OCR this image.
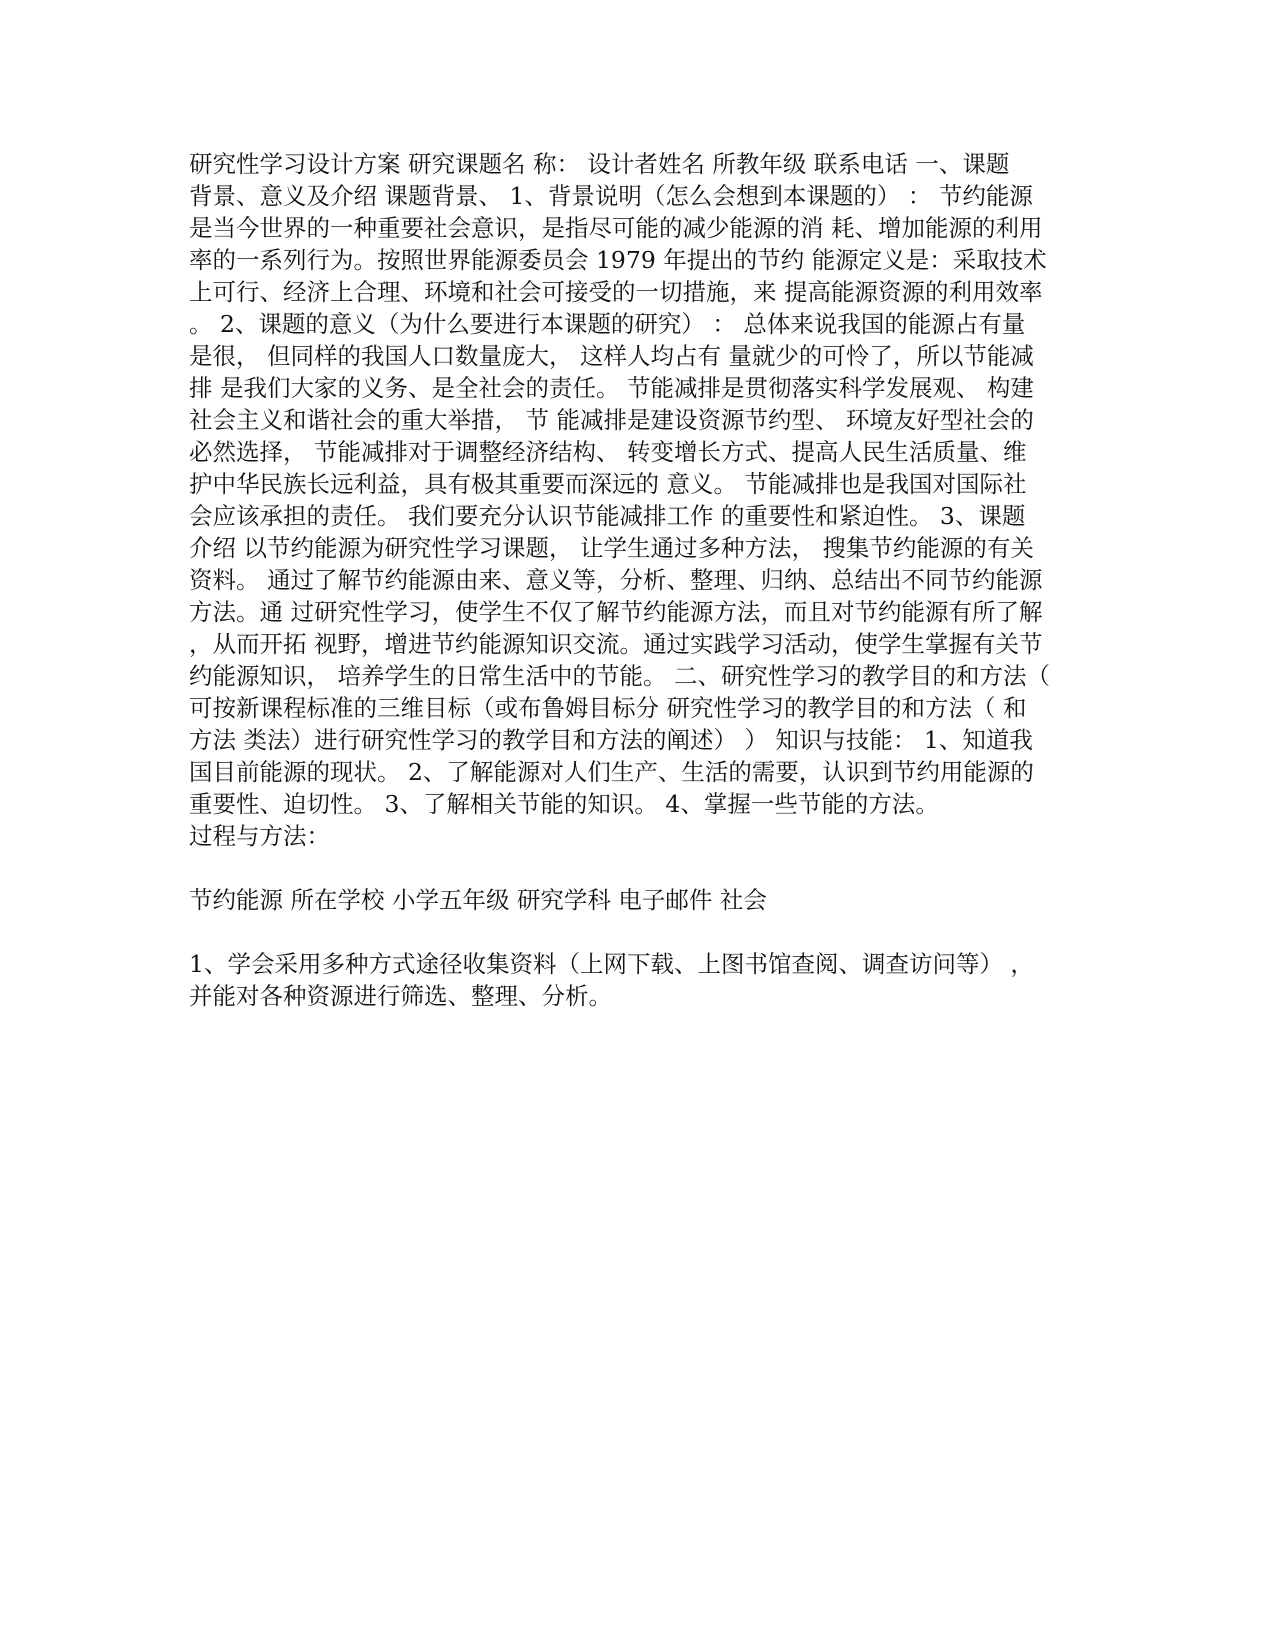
研究性学习设计方案 研究课题名 称： 设计者姓名 所教年级 联系电话 一、课题
背景、意义及介绍 课题背景、 1、背景说明（怎么会想到本课题的） ： 节约能源
是当今世界的一种重要社会意识，是指尽可能的减少能源的消 耗、增加能源的利用
率的一系列行为。按照世界能源委员会 1979 年提出的节约 能源定义是：采取技术
上可行、经济上合理、环境和社会可接受的一切措施，来 提高能源资源的利用效率
。 2、课题的意义（为什么要进行本课题的研究） ： 总体来说我国的能源占有量
是很， 但同样的我国人口数量庞大， 这样人均占有 量就少的可怜了，所以节能减
排 是我们大家的义务、是全社会的责任。 节能减排是贯彻落实科学发展观、 构建
社会主义和谐社会的重大举措， 节 能减排是建设资源节约型、 环境友好型社会的
必然选择， 节能减排对于调整经济结构、 转变增长方式、提高人民生活质量、维
护中华民族长远利益，具有极其重要而深远的 意义。 节能减排也是我国对国际社
会应该承担的责任。 我们要充分认识节能减排工作 的重要性和紧迫性。 3、课题
介绍 以节约能源为研究性学习课题， 让学生通过多种方法， 搜集节约能源的有关
资料。 通过了解节约能源由来、意义等，分析、整理、归纳、总结出不同节约能源
方法。通 过研究性学习，使学生不仅了解节约能源方法，而且对节约能源有所了解
，从而开拓 视野，增进节约能源知识交流。通过实践学习活动，使学生掌握有关节
约能源知识， 培养学生的日常生活中的节能。 二、研究性学习的教学目的和方法（
可按新课程标准的三维目标（或布鲁姆目标分 研究性学习的教学目的和方法（ 和
方法 类法）进行研究性学习的教学目和方法的阐述） ） 知识与技能： 1、知道我
国目前能源的现状。 2、了解能源对人们生产、生活的需要，认识到节约用能源的
重要性、迫切性。 3、了解相关节能的知识。 4、掌握一些节能的方法。
过程与方法：
节约能源 所在学校 小学五年级 研究学科 电子邮件 社会
1、学会采用多种方式途径收集资料（上网下载、上图书馆查阅、调查访问等） ，
并能对各种资源进行筛选、整理、分析。
